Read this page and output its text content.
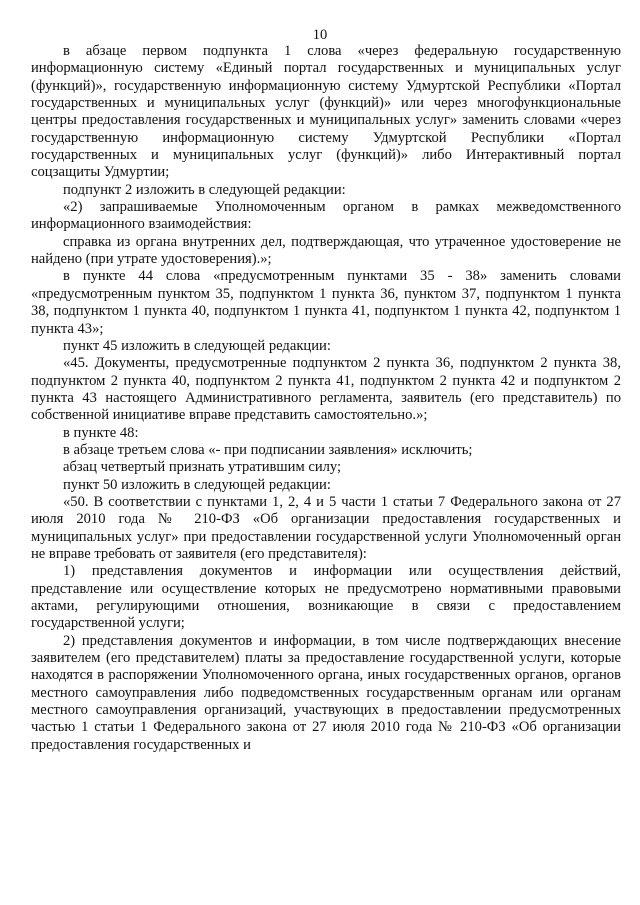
10

в абзаце первом подпункта 1 слова «через федеральную государственную информационную систему «Единый портал государственных и муниципальных услуг (функций)», государственную информационную систему Удмуртской Республики «Портал государственных и муниципальных услуг (функций)» или через многофункциональные центры предоставления государственных и муниципальных услуг» заменить словами «через государственную информационную систему Удмуртской Республики «Портал государственных и муниципальных услуг (функций)» либо Интерактивный портал соцзащиты Удмуртии;

подпункт 2 изложить в следующей редакции:

«2) запрашиваемые Уполномоченным органом в рамках межведомственного информационного взаимодействия:

справка из органа внутренних дел, подтверждающая, что утраченное удостоверение не найдено (при утрате удостоверения).»;

в пункте 44 слова «предусмотренным пунктами 35 - 38» заменить словами «предусмотренным пунктом 35, подпунктом 1 пункта 36, пунктом 37, подпунктом 1 пункта 38, подпунктом 1 пункта 40, подпунктом 1 пункта 41, подпунктом 1 пункта 42, подпунктом 1 пункта 43»;

пункт 45 изложить в следующей редакции:

«45. Документы, предусмотренные подпунктом 2 пункта 36, подпунктом 2 пункта 38, подпунктом 2 пункта 40, подпунктом 2 пункта 41, подпунктом 2 пункта 42 и подпунктом 2 пункта 43 настоящего Административного регламента, заявитель (его представитель) по собственной инициативе вправе представить самостоятельно.»;

в пункте 48:

в абзаце третьем слова «- при подписании заявления» исключить;

абзац четвертый признать утратившим силу;

пункт 50 изложить в следующей редакции:

«50. В соответствии с пунктами 1, 2, 4 и 5 части 1 статьи 7 Федерального закона от 27 июля 2010 года № 210-ФЗ «Об организации предоставления государственных и муниципальных услуг» при предоставлении государственной услуги Уполномоченный орган не вправе требовать от заявителя (его представителя):

1) представления документов и информации или осуществления действий, представление или осуществление которых не предусмотрено нормативными правовыми актами, регулирующими отношения, возникающие в связи с предоставлением государственной услуги;

2) представления документов и информации, в том числе подтверждающих внесение заявителем (его представителем) платы за предоставление государственной услуги, которые находятся в распоряжении Уполномоченного органа, иных государственных органов, органов местного самоуправления либо подведомственных государственным органам или органам местного самоуправления организаций, участвующих в предоставлении предусмотренных частью 1 статьи 1 Федерального закона от 27 июля 2010 года № 210-ФЗ «Об организации предоставления государственных и
